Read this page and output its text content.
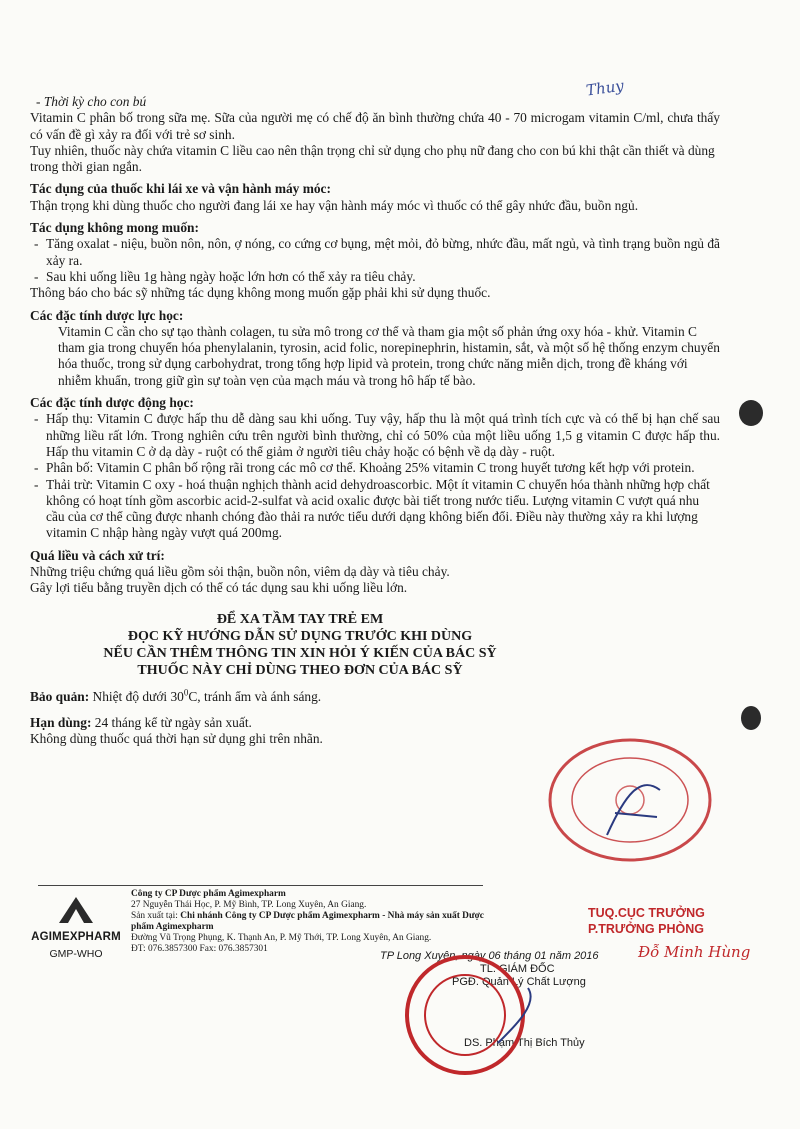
Thuy
- Thời kỳ cho con bú
Vitamin C phân bố trong sữa mẹ. Sữa của người mẹ có chế độ ăn bình thường chứa 40 - 70 microgam vitamin C/ml, chưa thấy có vấn đề gì xảy ra đối với trẻ sơ sinh.
Tuy nhiên, thuốc này chứa vitamin C liều cao nên thận trọng chỉ sử dụng cho phụ nữ đang cho con bú khi thật cần thiết và dùng trong thời gian ngắn.
Tác dụng của thuốc khi lái xe và vận hành máy móc:
Thận trọng khi dùng thuốc cho người đang lái xe hay vận hành máy móc vì thuốc có thể gây nhức đầu, buồn ngủ.
Tác dụng không mong muốn:
- Tăng oxalat - niệu, buồn nôn, nôn, ợ nóng, co cứng cơ bụng, mệt mỏi, đỏ bừng, nhức đầu, mất ngủ, và tình trạng buồn ngủ đã xảy ra.
- Sau khi uống liều 1g hàng ngày hoặc lớn hơn có thể xảy ra tiêu chảy.
Thông báo cho bác sỹ những tác dụng không mong muốn gặp phải khi sử dụng thuốc.
Các đặc tính dược lực học:
Vitamin C cần cho sự tạo thành colagen, tu sửa mô trong cơ thể và tham gia một số phản ứng oxy hóa - khử. Vitamin C tham gia trong chuyển hóa phenylalanin, tyrosin, acid folic, norepinephrin, histamin, sắt, và một số hệ thống enzym chuyển hóa thuốc, trong sử dụng carbohydrat, trong tổng hợp lipid và protein, trong chức năng miễn dịch, trong đề kháng với nhiễm khuẩn, trong giữ gìn sự toàn vẹn của mạch máu và trong hô hấp tế bào.
Các đặc tính dược động học:
- Hấp thụ: Vitamin C được hấp thu dễ dàng sau khi uống. Tuy vậy, hấp thu là một quá trình tích cực và có thể bị hạn chế sau những liều rất lớn. Trong nghiên cứu trên người bình thường, chỉ có 50% của một liều uống 1,5 g vitamin C được hấp thu. Hấp thu vitamin C ở dạ dày - ruột có thể giảm ở người tiêu chảy hoặc có bệnh về dạ dày - ruột.
- Phân bố: Vitamin C phân bố rộng rãi trong các mô cơ thể. Khoảng 25% vitamin C trong huyết tương kết hợp với protein.
- Thải trừ: Vitamin C oxy - hoá thuận nghịch thành acid dehydroascorbic. Một ít vitamin C chuyển hóa thành những hợp chất không có hoạt tính gồm ascorbic acid-2-sulfat và acid oxalic được bài tiết trong nước tiểu. Lượng vitamin C vượt quá nhu cầu của cơ thể cũng được nhanh chóng đào thải ra nước tiểu dưới dạng không biến đổi. Điều này thường xảy ra khi lượng vitamin C nhập hàng ngày vượt quá 200mg.
Quá liều và cách xử trí:
Những triệu chứng quá liều gồm sỏi thận, buồn nôn, viêm dạ dày và tiêu chảy.
Gây lợi tiểu bằng truyền dịch có thể có tác dụng sau khi uống liều lớn.
ĐỂ XA TẦM TAY TRẺ EM
ĐỌC KỸ HƯỚNG DẪN SỬ DỤNG TRƯỚC KHI DÙNG
NẾU CẦN THÊM THÔNG TIN XIN HỎI Ý KIẾN CỦA BÁC SỸ
THUỐC NÀY CHỈ DÙNG THEO ĐƠN CỦA BÁC SỸ
Bảo quản: Nhiệt độ dưới $30^0C$, tránh ẩm và ánh sáng.
Hạn dùng: 24 tháng kể từ ngày sản xuất.
Không dùng thuốc quá thời hạn sử dụng ghi trên nhãn.
AGIMEXPHARM
GMP-WHO
Công ty CP Dược phẩm Agimexpharm
27 Nguyễn Thái Học, P. Mỹ Bình, TP. Long Xuyên, An Giang.
Sản xuất tại: Chi nhánh Công ty CP Dược phẩm Agimexpharm - Nhà máy sản xuất Dược phẩm Agimexpharm
Đường Vũ Trọng Phụng, K. Thạnh An, P. Mỹ Thới, TP. Long Xuyên, An Giang.
ĐT: 076.3857300 Fax: 076.3857301
TUQ.CỤC TRƯỞNG
P.TRƯỞNG PHÒNG
Đỗ Minh Hùng
TP Long Xuyên, ngày 06 tháng 01 năm 2016
TL. GIÁM ĐỐC
PGĐ. Quản Lý Chất Lượng
DS. Phạm Thị Bích Thủy
